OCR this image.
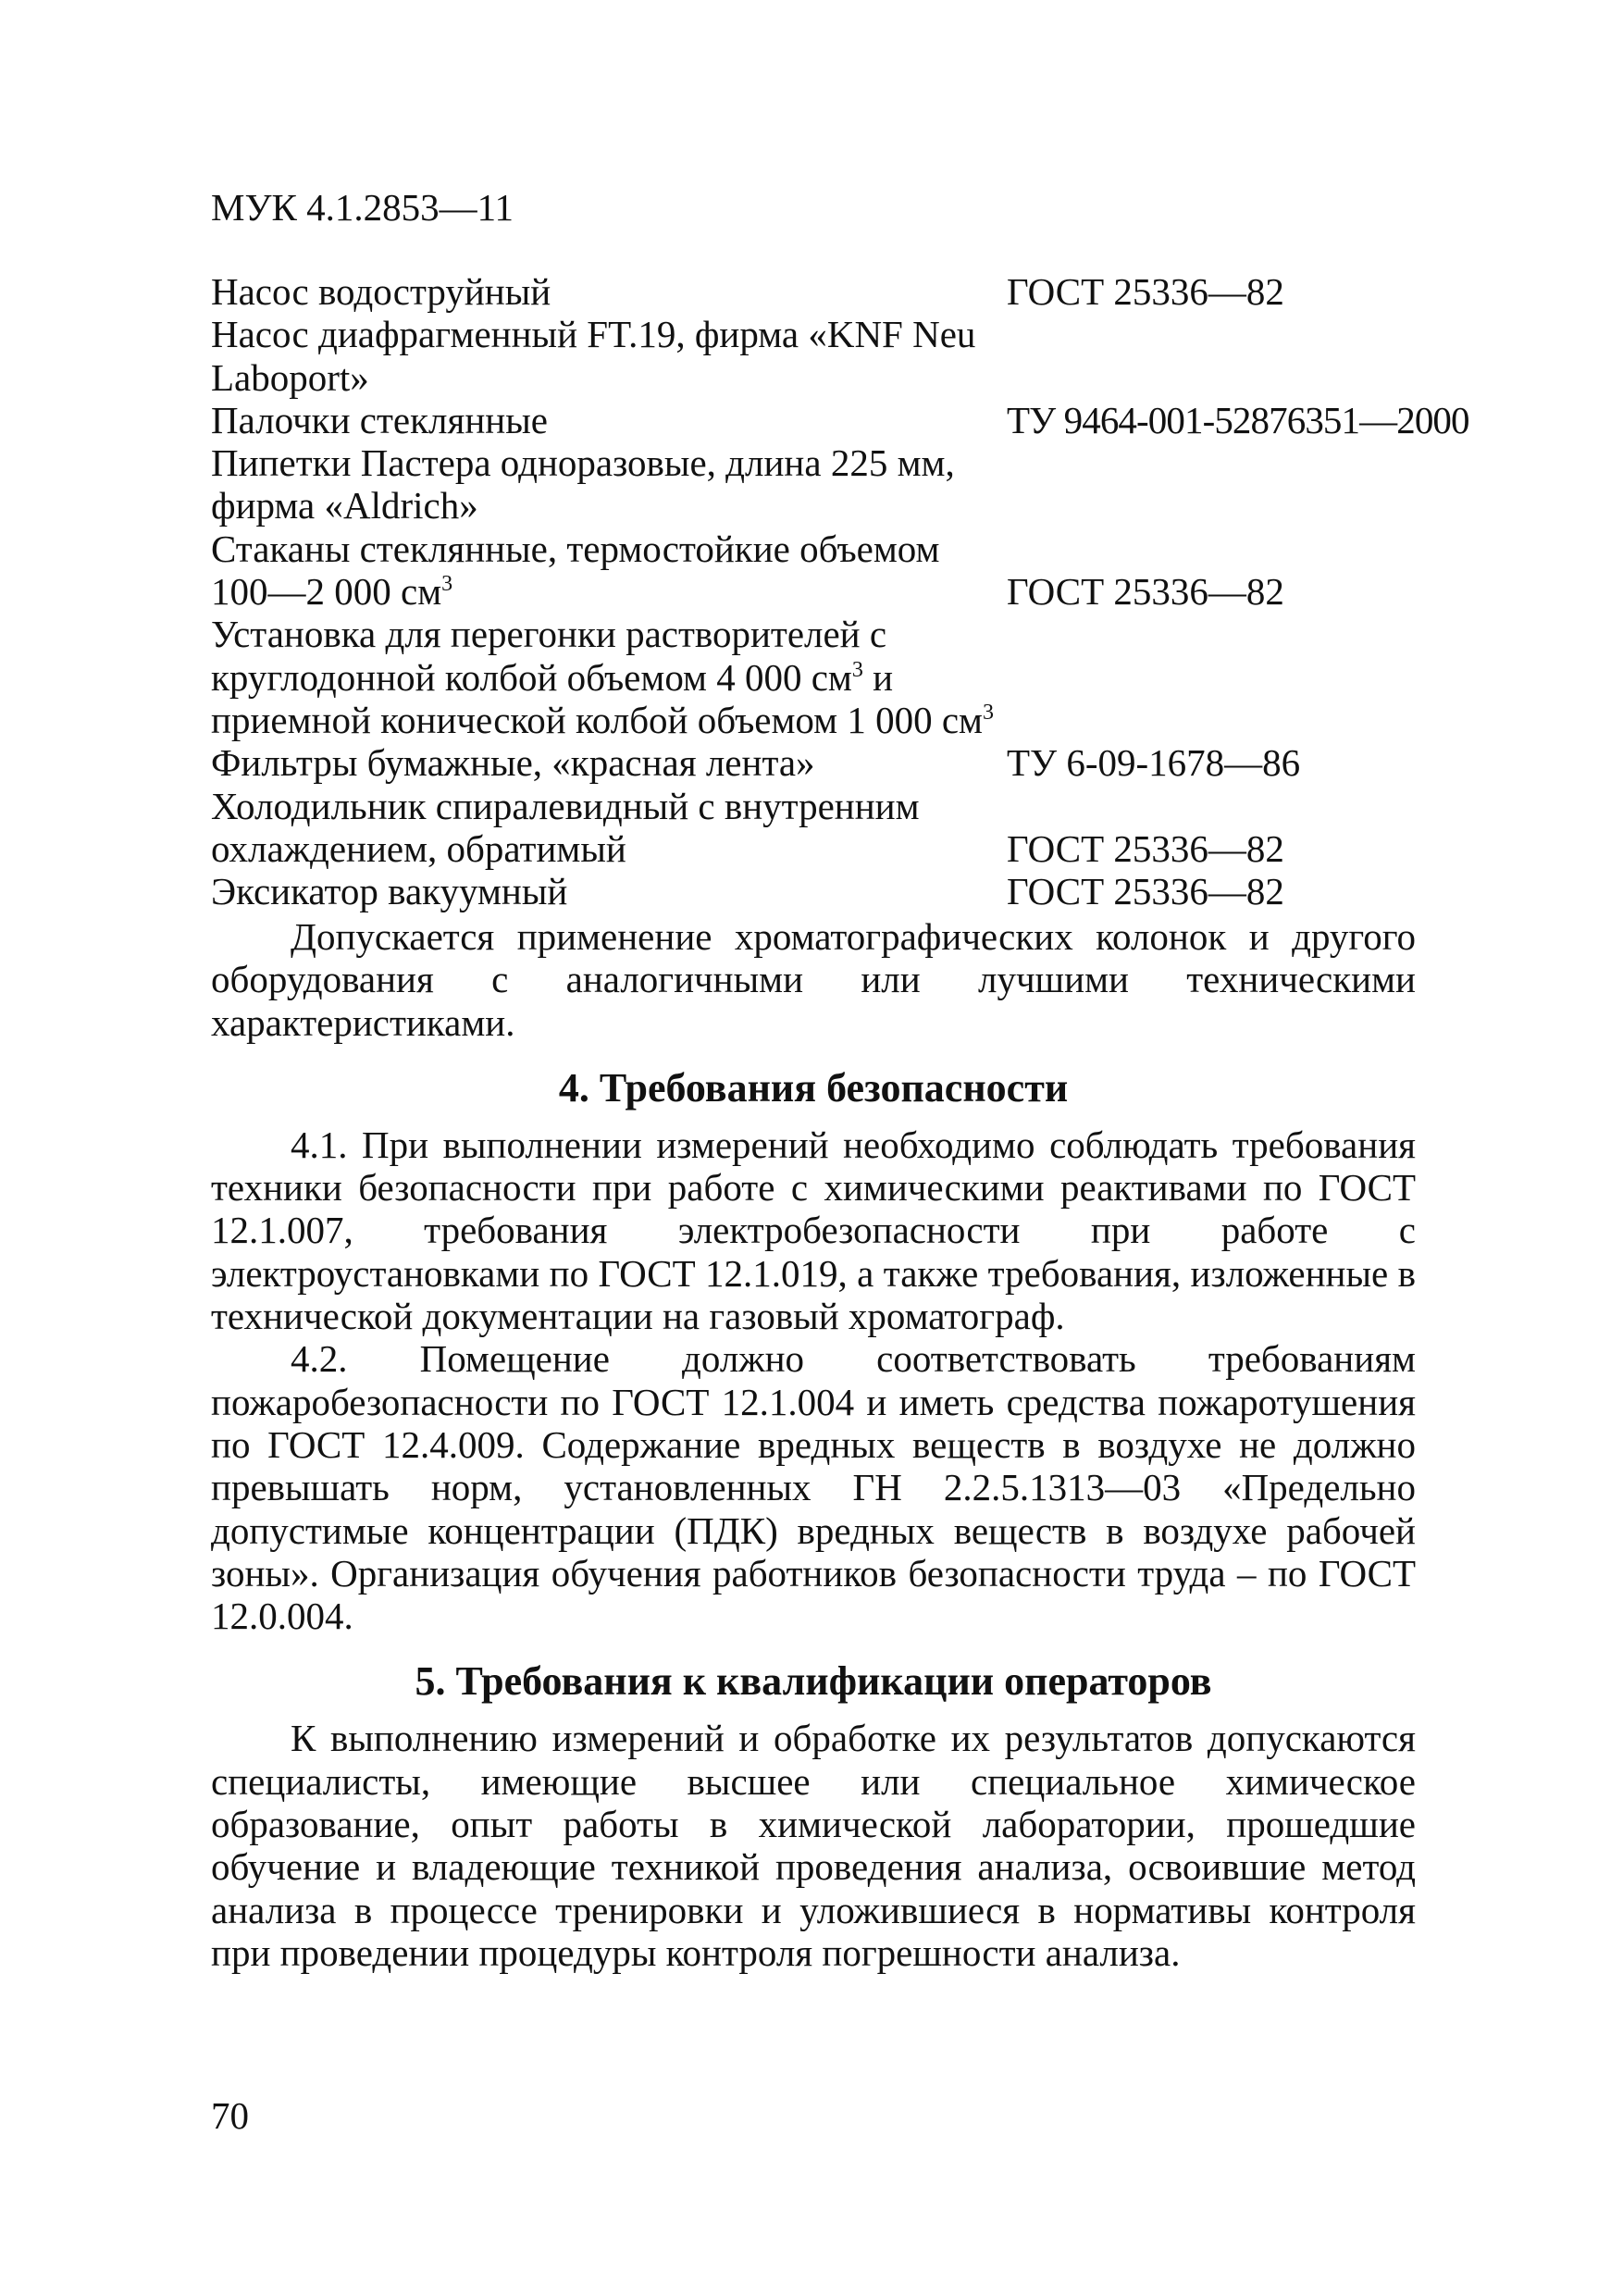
МУК 4.1.2853—11
Насос водоструйный	ГОСТ 25336—82
Насос диафрагменный FT.19, фирма «KNF Neu
Laboport»
Палочки стеклянные	ТУ 9464-001-52876351—2000
Пипетки Пастера одноразовые, длина 225 мм,
фирма «Aldrich»
Стаканы стеклянные, термостойкие объемом
100—2 000 $см^3$	ГОСТ 25336—82
Установка для перегонки растворителей с
круглодонной колбой объемом 4 000 $см^3$ и
приемной конической колбой объемом 1 000 $см^3$
Фильтры бумажные, «красная лента»	ТУ 6-09-1678—86
Холодильник спиралевидный с внутренним
охлаждением, обратимый	ГОСТ 25336—82
Эксикатор вакуумный	ГОСТ 25336—82

Допускается применение хроматографических колонок и другого оборудования с аналогичными или лучшими техническими характеристиками.

4. Требования безопасности

4.1. При выполнении измерений необходимо соблюдать требования техники безопасности при работе с химическими реактивами по ГОСТ 12.1.007, требования электробезопасности при работе с электроустановками по ГОСТ 12.1.019, а также требования, изложенные в технической документации на газовый хроматограф.

4.2. Помещение должно соответствовать требованиям пожаробезопасности по ГОСТ 12.1.004 и иметь средства пожаротушения по ГОСТ 12.4.009. Содержание вредных веществ в воздухе не должно превышать норм, установленных ГН 2.2.5.1313—03 «Предельно допустимые концентрации (ПДК) вредных веществ в воздухе рабочей зоны». Организация обучения работников безопасности труда – по ГОСТ 12.0.004.

5. Требования к квалификации операторов

К выполнению измерений и обработке их результатов допускаются специалисты, имеющие высшее или специальное химическое образование, опыт работы в химической лаборатории, прошедшие обучение и владеющие техникой проведения анализа, освоившие метод анализа в процессе тренировки и уложившиеся в нормативы контроля при проведении процедуры контроля погрешности анализа.

70
